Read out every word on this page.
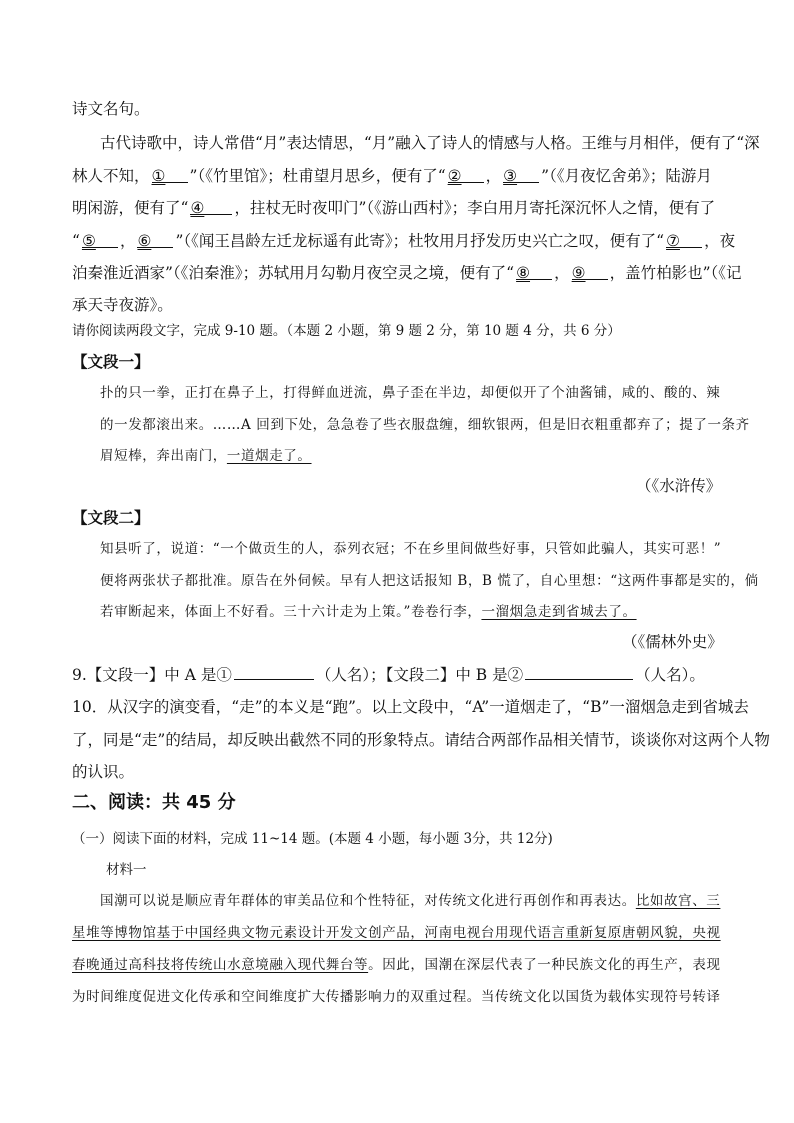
诗文名句。
古代诗歌中，诗人常借“月”表达情思，“月”融入了诗人的情感与人格。王维与月相伴，便有了“深
林人不知， ① ”（《竹里馆》；杜甫望月思乡，便有了“ ② ， ③ ”（《月夜忆舍弟》；陆游月
明闲游，便有了“ ④ ，拄杖无时夜叩门”（《游山西村》；李白用月寄托深沉怀人之情，便有了
“ ⑤ ， ⑥ ”（《闻王昌龄左迁龙标遥有此寄》；杜牧用月抒发历史兴亡之叹，便有了“ ⑦ ，夜
泊秦淮近酒家”（《泊秦淮》；苏轼用月勾勒月夜空灵之境，便有了“ ⑧ ， ⑨ ，盖竹柏影也”（《记
承天寺夜游》。
请你阅读两段文字，完成 9-10 题。（本题 2 小题，第 9 题 2 分，第 10 题 4 分，共 6 分）
【文段一】
扑的只一拳，正打在鼻子上，打得鲜血迸流，鼻子歪在半边，却便似开了个油酱铺，咸的、酸的、辣
的一发都滚出来。……A 回到下处，急急卷了些衣服盘缠，细软银两，但是旧衣粗重都弃了；提了一条齐
眉短棒，奔出南门，一道烟走了。
（《水浒传》
【文段二】
知县听了，说道：“一个做贡生的人，忝列衣冠；不在乡里间做些好事，只管如此骗人，其实可恶！”
便将两张状子都批准。原告在外伺候。早有人把这话报知 B，B 慌了，自心里想：“这两件事都是实的，倘
若审断起来，体面上不好看。三十六计走为上策。”卷卷行李，一溜烟急走到省城去了。
（《儒林外史》
9.【文段一】中 A 是①	（人名）；【文段二】中 B 是②	（人名）。
10．从汉字的演变看，“走”的本义是“跑”。以上文段中，“A”一道烟走了，“B”一溜烟急走到省城去
了，同是“走”的结局，却反映出截然不同的形象特点。请结合两部作品相关情节，谈谈你对这两个人物
的认识。
二、阅读：共 45 分
（一）阅读下面的材料，完成 11~14 题。(本题 4 小题，每小题 3分，共 12分)
材料一
国潮可以说是顺应青年群体的审美品位和个性特征，对传统文化进行再创作和再表达。比如故宫、三
星堆等博物馆基于中国经典文物元素设计开发文创产品，河南电视台用现代语言重新复原唐朝风貌，央视
春晚通过高科技将传统山水意境融入现代舞台等。因此，国潮在深层代表了一种民族文化的再生产，表现
为时间维度促进文化传承和空间维度扩大传播影响力的双重过程。当传统文化以国货为载体实现符号转译
